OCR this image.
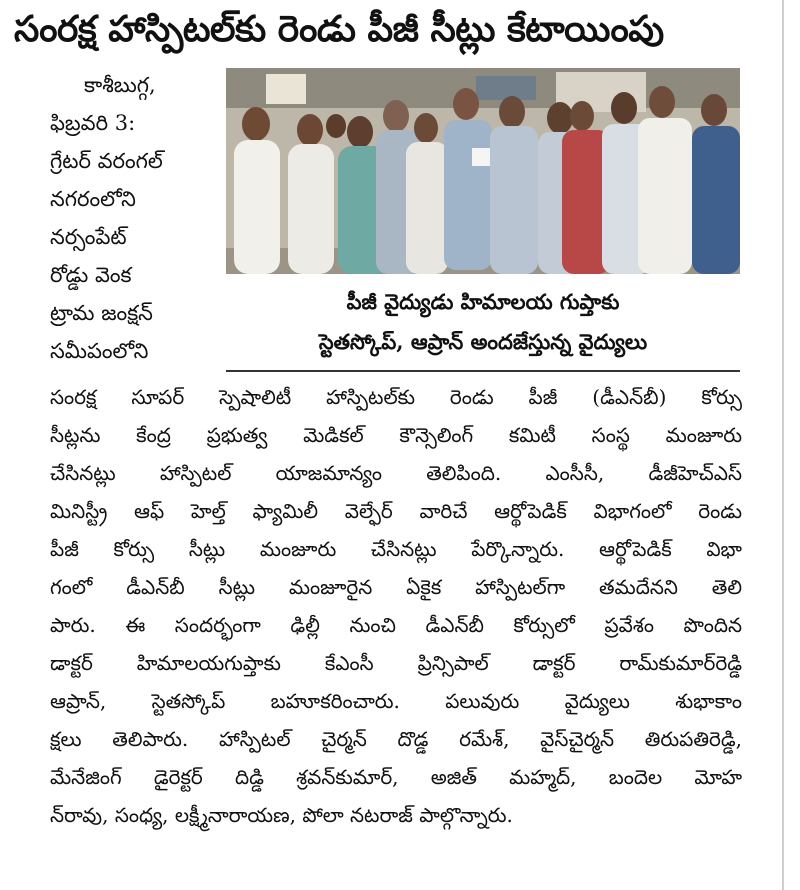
సంరక్ష హాస్పిటల్‌కు రెండు పీజీ సీట్లు కేటాయింపు
కాశీబుగ్గ,
ఫిబ్రవరి 3:
గ్రేటర్ వరంగల్
నగరంలోని
నర్సంపేట్
రోడ్డు వెంక
ట్రామ జంక్షన్
సమీపంలోని
పీజీ వైద్యుడు హిమాలయ గుప్తాకు
స్టెతస్కోప్, ఆప్రాన్ అందజేస్తున్న వైద్యులు
సంరక్ష సూపర్ స్పెషాలిటీ హాస్పిటల్‌కు రెండు పీజీ (డీఎన్‌బీ) కోర్సు
సీట్లను కేంద్ర ప్రభుత్వ మెడికల్ కౌన్సెలింగ్ కమిటీ సంస్థ మంజూరు
చేసినట్లు హాస్పిటల్ యాజమాన్యం తెలిపింది. ఎంసీసీ, డీజీహెచ్ఎస్
మినిస్ట్రీ ఆఫ్ హెల్త్ ఫ్యామిలీ వెల్ఫేర్ వారిచే ఆర్థోపెడిక్ విభాగంలో రెండు
పీజీ కోర్సు సీట్లు మంజూరు చేసినట్లు పేర్కొన్నారు. ఆర్థోపెడిక్ విభా
గంలో డీఎన్‌బీ సీట్లు మంజూరైన ఏకైక హాస్పిటల్‌గా తమదేనని తెలి
పారు. ఈ సందర్భంగా ఢిల్లీ నుంచి డీఎన్‌బీ కోర్సులో ప్రవేశం పొందిన
డాక్టర్ హిమాలయగుప్తాకు కేఎంసీ ప్రిన్సిపాల్ డాక్టర్ రామ్‌కుమార్‌రెడ్డి
ఆప్రాన్, స్టెతస్కోప్ బహూకరించారు. పలువురు వైద్యులు శుభాకాం
క్షలు తెలిపారు. హాస్పిటల్ చైర్మన్ దొడ్డ రమేశ్, వైస్‌చైర్మన్ తిరుపతిరెడ్డి,
మేనేజింగ్ డైరెక్టర్ దిడ్డి శ్రవన్‌కుమార్, అజిత్ మహ్మద్, బందెల మోహ
న్‌రావు, సంధ్య, లక్ష్మీనారాయణ, పోలా నటరాజ్ పాల్గొన్నారు.
